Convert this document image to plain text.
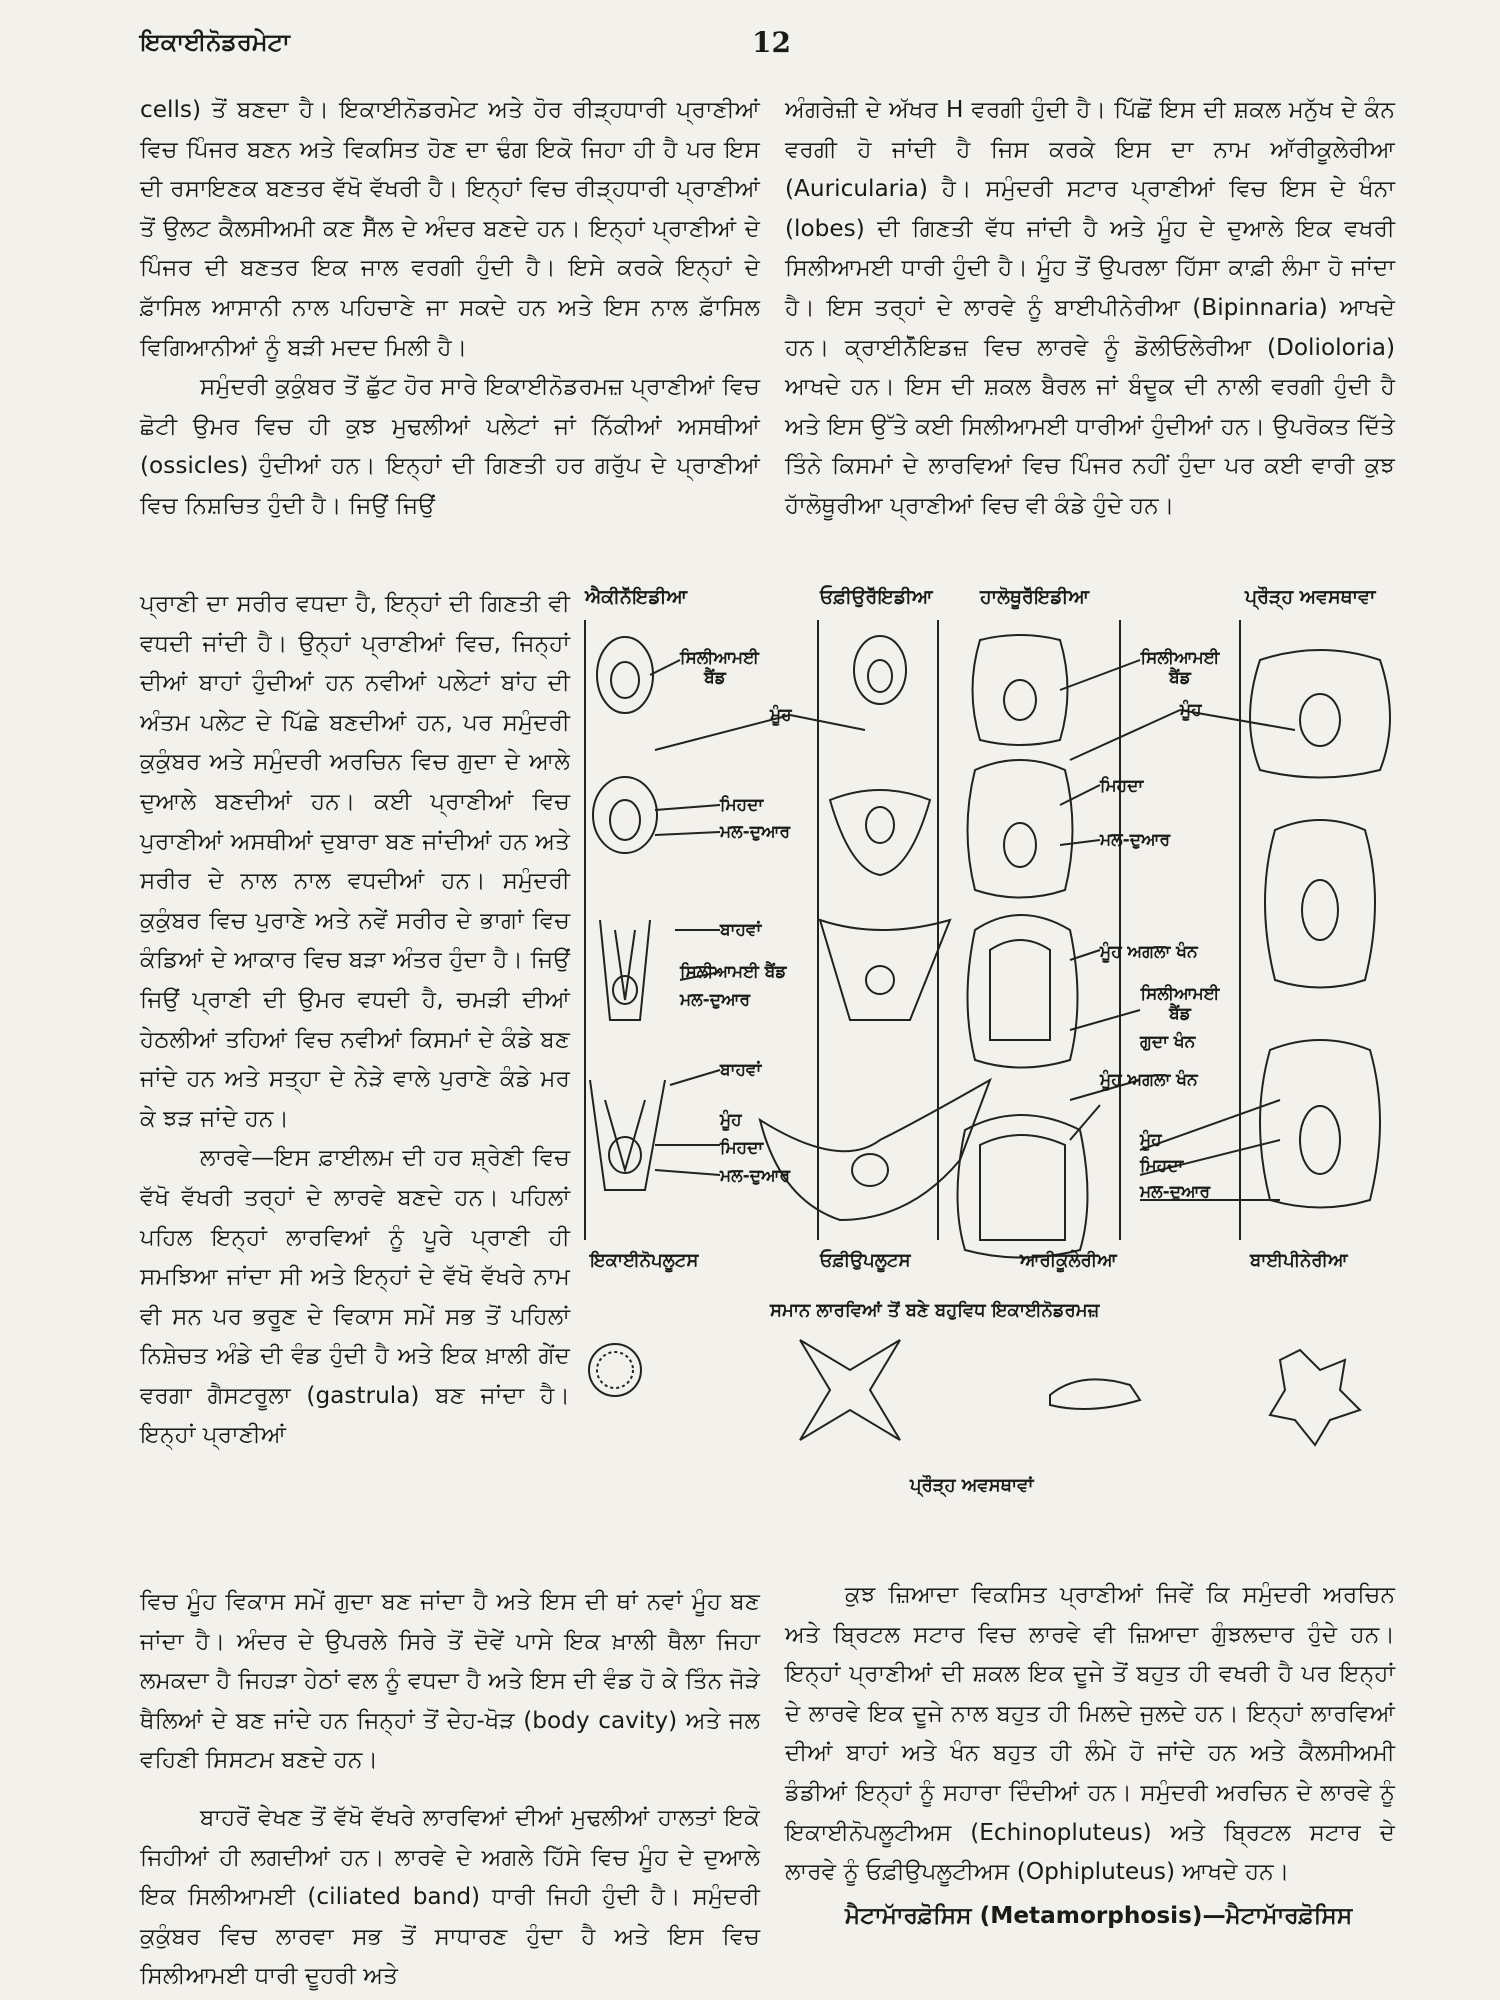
ਇਕਾਈਨੋਡਰਮੇਟਾ	12

cells) ਤੋਂ ਬਣਦਾ ਹੈ। ਇਕਾਈਨੋਡਰਮੇਟ ਅਤੇ ਹੋਰ ਰੀੜ੍ਹਧਾਰੀ ਪ੍ਰਾਣੀਆਂ ਵਿਚ ਪਿੰਜਰ ਬਣਨ ਅਤੇ ਵਿਕਸਿਤ ਹੋਣ ਦਾ ਢੰਗ ਇਕੋ ਜਿਹਾ ਹੀ ਹੈ ਪਰ ਇਸ ਦੀ ਰਸਾਇਣਕ ਬਣਤਰ ਵੱਖੋ ਵੱਖਰੀ ਹੈ। ਇਨ੍ਹਾਂ ਵਿਚ ਰੀੜ੍ਹਧਾਰੀ ਪ੍ਰਾਣੀਆਂ ਤੋਂ ਉਲਟ ਕੈਲਸੀਅਮੀ ਕਣ ਸੈੱਲ ਦੇ ਅੰਦਰ ਬਣਦੇ ਹਨ। ਇਨ੍ਹਾਂ ਪ੍ਰਾਣੀਆਂ ਦੇ ਪਿੰਜਰ ਦੀ ਬਣਤਰ ਇਕ ਜਾਲ ਵਰਗੀ ਹੁੰਦੀ ਹੈ। ਇਸੇ ਕਰਕੇ ਇਨ੍ਹਾਂ ਦੇ ਫ਼ਾੱਸਿਲ ਆਸਾਨੀ ਨਾਲ ਪਹਿਚਾਣੇ ਜਾ ਸਕਦੇ ਹਨ ਅਤੇ ਇਸ ਨਾਲ ਫ਼ਾੱਸਿਲ ਵਿਗਿਆਨੀਆਂ ਨੂੰ ਬੜੀ ਮਦਦ ਮਿਲੀ ਹੈ।

ਸਮੁੰਦਰੀ ਕੁਕੁੰਬਰ ਤੋਂ ਛੁੱਟ ਹੋਰ ਸਾਰੇ ਇਕਾਈਨੋਡਰਮਜ਼ ਪ੍ਰਾਣੀਆਂ ਵਿਚ ਛੋਟੀ ਉਮਰ ਵਿਚ ਹੀ ਕੁਝ ਮੁਢਲੀਆਂ ਪਲੇਟਾਂ ਜਾਂ ਨਿੱਕੀਆਂ ਅਸਥੀਆਂ (ossicles) ਹੁੰਦੀਆਂ ਹਨ। ਇਨ੍ਹਾਂ ਦੀ ਗਿਣਤੀ ਹਰ ਗਰੁੱਪ ਦੇ ਪ੍ਰਾਣੀਆਂ ਵਿਚ ਨਿਸ਼ਚਿਤ ਹੁੰਦੀ ਹੈ। ਜਿਉਂ ਜਿਉਂ

ਪ੍ਰਾਣੀ ਦਾ ਸਰੀਰ ਵਧਦਾ ਹੈ, ਇਨ੍ਹਾਂ ਦੀ ਗਿਣਤੀ ਵੀ ਵਧਦੀ ਜਾਂਦੀ ਹੈ। ਉਨ੍ਹਾਂ ਪ੍ਰਾਣੀਆਂ ਵਿਚ, ਜਿਨ੍ਹਾਂ ਦੀਆਂ ਬਾਹਾਂ ਹੁੰਦੀਆਂ ਹਨ ਨਵੀਆਂ ਪਲੇਟਾਂ ਬਾਂਹ ਦੀ ਅੰਤਮ ਪਲੇਟ ਦੇ ਪਿੱਛੇ ਬਣਦੀਆਂ ਹਨ, ਪਰ ਸਮੁੰਦਰੀ ਕੁਕੁੰਬਰ ਅਤੇ ਸਮੁੰਦਰੀ ਅਰਚਿਨ ਵਿਚ ਗੁਦਾ ਦੇ ਆਲੇ ਦੁਆਲੇ ਬਣਦੀਆਂ ਹਨ। ਕਈ ਪ੍ਰਾਣੀਆਂ ਵਿਚ ਪੁਰਾਣੀਆਂ ਅਸਥੀਆਂ ਦੁਬਾਰਾ ਬਣ ਜਾਂਦੀਆਂ ਹਨ ਅਤੇ ਸਰੀਰ ਦੇ ਨਾਲ ਨਾਲ ਵਧਦੀਆਂ ਹਨ। ਸਮੁੰਦਰੀ ਕੁਕੁੰਬਰ ਵਿਚ ਪੁਰਾਣੇ ਅਤੇ ਨਵੇਂ ਸਰੀਰ ਦੇ ਭਾਗਾਂ ਵਿਚ ਕੰਡਿਆਂ ਦੇ ਆਕਾਰ ਵਿਚ ਬੜਾ ਅੰਤਰ ਹੁੰਦਾ ਹੈ। ਜਿਉਂ ਜਿਉਂ ਪ੍ਰਾਣੀ ਦੀ ਉਮਰ ਵਧਦੀ ਹੈ, ਚਮੜੀ ਦੀਆਂ ਹੇਠਲੀਆਂ ਤਹਿਆਂ ਵਿਚ ਨਵੀਆਂ ਕਿਸਮਾਂ ਦੇ ਕੰਡੇ ਬਣ ਜਾਂਦੇ ਹਨ ਅਤੇ ਸਤ੍ਹਾ ਦੇ ਨੇੜੇ ਵਾਲੇ ਪੁਰਾਣੇ ਕੰਡੇ ਮਰ ਕੇ ਝੜ ਜਾਂਦੇ ਹਨ।

ਲਾਰਵੇ—ਇਸ ਫ਼ਾਈਲਮ ਦੀ ਹਰ ਸ਼੍ਰੇਣੀ ਵਿਚ ਵੱਖੋ ਵੱਖਰੀ ਤਰ੍ਹਾਂ ਦੇ ਲਾਰਵੇ ਬਣਦੇ ਹਨ। ਪਹਿਲਾਂ ਪਹਿਲ ਇਨ੍ਹਾਂ ਲਾਰਵਿਆਂ ਨੂੰ ਪੂਰੇ ਪ੍ਰਾਣੀ ਹੀ ਸਮਝਿਆ ਜਾਂਦਾ ਸੀ ਅਤੇ ਇਨ੍ਹਾਂ ਦੇ ਵੱਖੋ ਵੱਖਰੇ ਨਾਮ ਵੀ ਸਨ ਪਰ ਭਰੂਣ ਦੇ ਵਿਕਾਸ ਸਮੇਂ ਸਭ ਤੋਂ ਪਹਿਲਾਂ ਨਿਸ਼ੇਚਤ ਅੰਡੇ ਦੀ ਵੰਡ ਹੁੰਦੀ ਹੈ ਅਤੇ ਇਕ ਖ਼ਾਲੀ ਗੇਂਦ ਵਰਗਾ ਗੈਸਟਰੂਲਾ (gastrula) ਬਣ ਜਾਂਦਾ ਹੈ। ਇਨ੍ਹਾਂ ਪ੍ਰਾਣੀਆਂ

ਵਿਚ ਮੂੰਹ ਵਿਕਾਸ ਸਮੇਂ ਗੁਦਾ ਬਣ ਜਾਂਦਾ ਹੈ ਅਤੇ ਇਸ ਦੀ ਥਾਂ ਨਵਾਂ ਮੂੰਹ ਬਣ ਜਾਂਦਾ ਹੈ। ਅੰਦਰ ਦੇ ਉਪਰਲੇ ਸਿਰੇ ਤੋਂ ਦੋਵੇਂ ਪਾਸੇ ਇਕ ਖ਼ਾਲੀ ਥੈਲਾ ਜਿਹਾ ਲਮਕਦਾ ਹੈ ਜਿਹੜਾ ਹੇਠਾਂ ਵਲ ਨੂੰ ਵਧਦਾ ਹੈ ਅਤੇ ਇਸ ਦੀ ਵੰਡ ਹੋ ਕੇ ਤਿੰਨ ਜੋੜੇ ਥੈਲਿਆਂ ਦੇ ਬਣ ਜਾਂਦੇ ਹਨ ਜਿਨ੍ਹਾਂ ਤੋਂ ਦੇਹ-ਖੋੜ (body cavity) ਅਤੇ ਜਲ ਵਹਿਣੀ ਸਿਸਟਮ ਬਣਦੇ ਹਨ।

ਬਾਹਰੋਂ ਵੇਖਣ ਤੋਂ ਵੱਖੋ ਵੱਖਰੇ ਲਾਰਵਿਆਂ ਦੀਆਂ ਮੁਢਲੀਆਂ ਹਾਲਤਾਂ ਇਕੋ ਜਿਹੀਆਂ ਹੀ ਲਗਦੀਆਂ ਹਨ। ਲਾਰਵੇ ਦੇ ਅਗਲੇ ਹਿੱਸੇ ਵਿਚ ਮੂੰਹ ਦੇ ਦੁਆਲੇ ਇਕ ਸਿਲੀਆਮਈ (ciliated band) ਧਾਰੀ ਜਿਹੀ ਹੁੰਦੀ ਹੈ। ਸਮੁੰਦਰੀ ਕੁਕੁੰਬਰ ਵਿਚ ਲਾਰਵਾ ਸਭ ਤੋਂ ਸਾਧਾਰਣ ਹੁੰਦਾ ਹੈ ਅਤੇ ਇਸ ਵਿਚ ਸਿਲੀਆਮਈ ਧਾਰੀ ਦੂਹਰੀ ਅਤੇ

ਅੰਗਰੇਜ਼ੀ ਦੇ ਅੱਖਰ H ਵਰਗੀ ਹੁੰਦੀ ਹੈ। ਪਿੱਛੋਂ ਇਸ ਦੀ ਸ਼ਕਲ ਮਨੁੱਖ ਦੇ ਕੰਨ ਵਰਗੀ ਹੋ ਜਾਂਦੀ ਹੈ ਜਿਸ ਕਰਕੇ ਇਸ ਦਾ ਨਾਮ ਆੱਰੀਕੂਲੇਰੀਆ (Auricularia) ਹੈ। ਸਮੁੰਦਰੀ ਸਟਾਰ ਪ੍ਰਾਣੀਆਂ ਵਿਚ ਇਸ ਦੇ ਖੰਨਾ (lobes) ਦੀ ਗਿਣਤੀ ਵੱਧ ਜਾਂਦੀ ਹੈ ਅਤੇ ਮੂੰਹ ਦੇ ਦੁਆਲੇ ਇਕ ਵਖਰੀ ਸਿਲੀਆਮਈ ਧਾਰੀ ਹੁੰਦੀ ਹੈ। ਮੂੰਹ ਤੋਂ ਉਪਰਲਾ ਹਿੱਸਾ ਕਾਫ਼ੀ ਲੰਮਾ ਹੋ ਜਾਂਦਾ ਹੈ। ਇਸ ਤਰ੍ਹਾਂ ਦੇ ਲਾਰਵੇ ਨੂੰ ਬਾਈਪੀਨੇਰੀਆ (Bipinnaria) ਆਖਦੇ ਹਨ। ਕ੍ਰਾਈਨੋੱਇਡਜ਼ ਵਿਚ ਲਾਰਵੇ ਨੂੰ ਡੋਲੀਓਲੇਰੀਆ (Dolioloria) ਆਖਦੇ ਹਨ। ਇਸ ਦੀ ਸ਼ਕਲ ਬੈਰਲ ਜਾਂ ਬੰਦੂਕ ਦੀ ਨਾਲੀ ਵਰਗੀ ਹੁੰਦੀ ਹੈ ਅਤੇ ਇਸ ਉੱਤੇ ਕਈ ਸਿਲੀਆਮਈ ਧਾਰੀਆਂ ਹੁੰਦੀਆਂ ਹਨ। ਉਪਰੋਕਤ ਦਿੱਤੇ ਤਿੰਨੇ ਕਿਸਮਾਂ ਦੇ ਲਾਰਵਿਆਂ ਵਿਚ ਪਿੰਜਰ ਨਹੀਂ ਹੁੰਦਾ ਪਰ ਕਈ ਵਾਰੀ ਕੁਝ ਹਾੱਲੋਥੂਰੀਆ ਪ੍ਰਾਣੀਆਂ ਵਿਚ ਵੀ ਕੰਡੇ ਹੁੰਦੇ ਹਨ।

ਐਕੀਨੋੱਇਡੀਆ	ਓਫ਼ੀਉਰੋੱਇਡੀਆ ਹਾਲੋਥੂਰੋੱਇਡੀਆ	ਪ੍ਰੌੜ੍ਹ ਅਵਸਥਾਵਾ
ਸਿਲੀਆਮਈ ਬੈਂਡ
ਮੂੰਹ
ਮਿਹਦਾ
ਮਲ-ਦੁਆਰ
ਬਾਹਵਾਂ
ਸਿਲੀਆਮਈ ਬੈਂਡ
ਮਲ-ਦੁਆਰ
ਬਾਹਵਾਂ
ਮੂੰਹ
ਮਿਹਦਾ
ਮਲ-ਦੁਆਰ
ਸਿਲੀਆਮਈ ਬੈਂਡ
ਮੂੰਹ
ਮਿਹਦਾ
ਮਲ-ਦੁਆਰ
ਮੂੰਹ ਅਗਲਾ ਖੰਨ
ਸਿਲੀਆਮਈ ਬੈਂਡ
ਗੁਦਾ ਖੰਨ
ਮੂੰਹ ਅਗਲਾ ਖੰਨ
ਮੂੰਹ
ਮਿਹਦਾ
ਮਲ-ਦੁਆਰ
ਇਕਾਈਨੋਪਲੂਟਸ	ਓਫ਼ੀਉਪਲੂਟਸ	ਆਰੀਕੂਲੇਰੀਆ	ਬਾਈਪੀਨੇਰੀਆ
ਸਮਾਨ ਲਾਰਵਿਆਂ ਤੋਂ ਬਣੇ ਬਹੁਵਿਧ ਇਕਾਈਨੋਡਰਮਜ਼
ਪ੍ਰੌੜ੍ਹ ਅਵਸਥਾਵਾਂ

ਕੁਝ ਜ਼ਿਆਦਾ ਵਿਕਸਿਤ ਪ੍ਰਾਣੀਆਂ ਜਿਵੇਂ ਕਿ ਸਮੁੰਦਰੀ ਅਰਚਿਨ ਅਤੇ ਬ੍ਰਿਟਲ ਸਟਾਰ ਵਿਚ ਲਾਰਵੇ ਵੀ ਜ਼ਿਆਦਾ ਗੁੰਝਲਦਾਰ ਹੁੰਦੇ ਹਨ। ਇਨ੍ਹਾਂ ਪ੍ਰਾਣੀਆਂ ਦੀ ਸ਼ਕਲ ਇਕ ਦੂਜੇ ਤੋਂ ਬਹੁਤ ਹੀ ਵਖਰੀ ਹੈ ਪਰ ਇਨ੍ਹਾਂ ਦੇ ਲਾਰਵੇ ਇਕ ਦੂਜੇ ਨਾਲ ਬਹੁਤ ਹੀ ਮਿਲਦੇ ਜੁਲਦੇ ਹਨ। ਇਨ੍ਹਾਂ ਲਾਰਵਿਆਂ ਦੀਆਂ ਬਾਹਾਂ ਅਤੇ ਖੰਨ ਬਹੁਤ ਹੀ ਲੰਮੇ ਹੋ ਜਾਂਦੇ ਹਨ ਅਤੇ ਕੈਲਸੀਅਮੀ ਡੰਡੀਆਂ ਇਨ੍ਹਾਂ ਨੂੰ ਸਹਾਰਾ ਦਿੰਦੀਆਂ ਹਨ। ਸਮੁੰਦਰੀ ਅਰਚਿਨ ਦੇ ਲਾਰਵੇ ਨੂੰ ਇਕਾਈਨੋਪਲੂਟੀਅਸ (Echinopluteus) ਅਤੇ ਬ੍ਰਿਟਲ ਸਟਾਰ ਦੇ ਲਾਰਵੇ ਨੂੰ ਓਫ਼ੀਉਪਲੂਟੀਅਸ (Ophipluteus) ਆਖਦੇ ਹਨ।

ਮੈਟਾਮਾੱਰਫ਼ੋਸਿਸ (Metamorphosis)—ਮੈਟਾਮਾੱਰਫ਼ੋਸਿਸ
